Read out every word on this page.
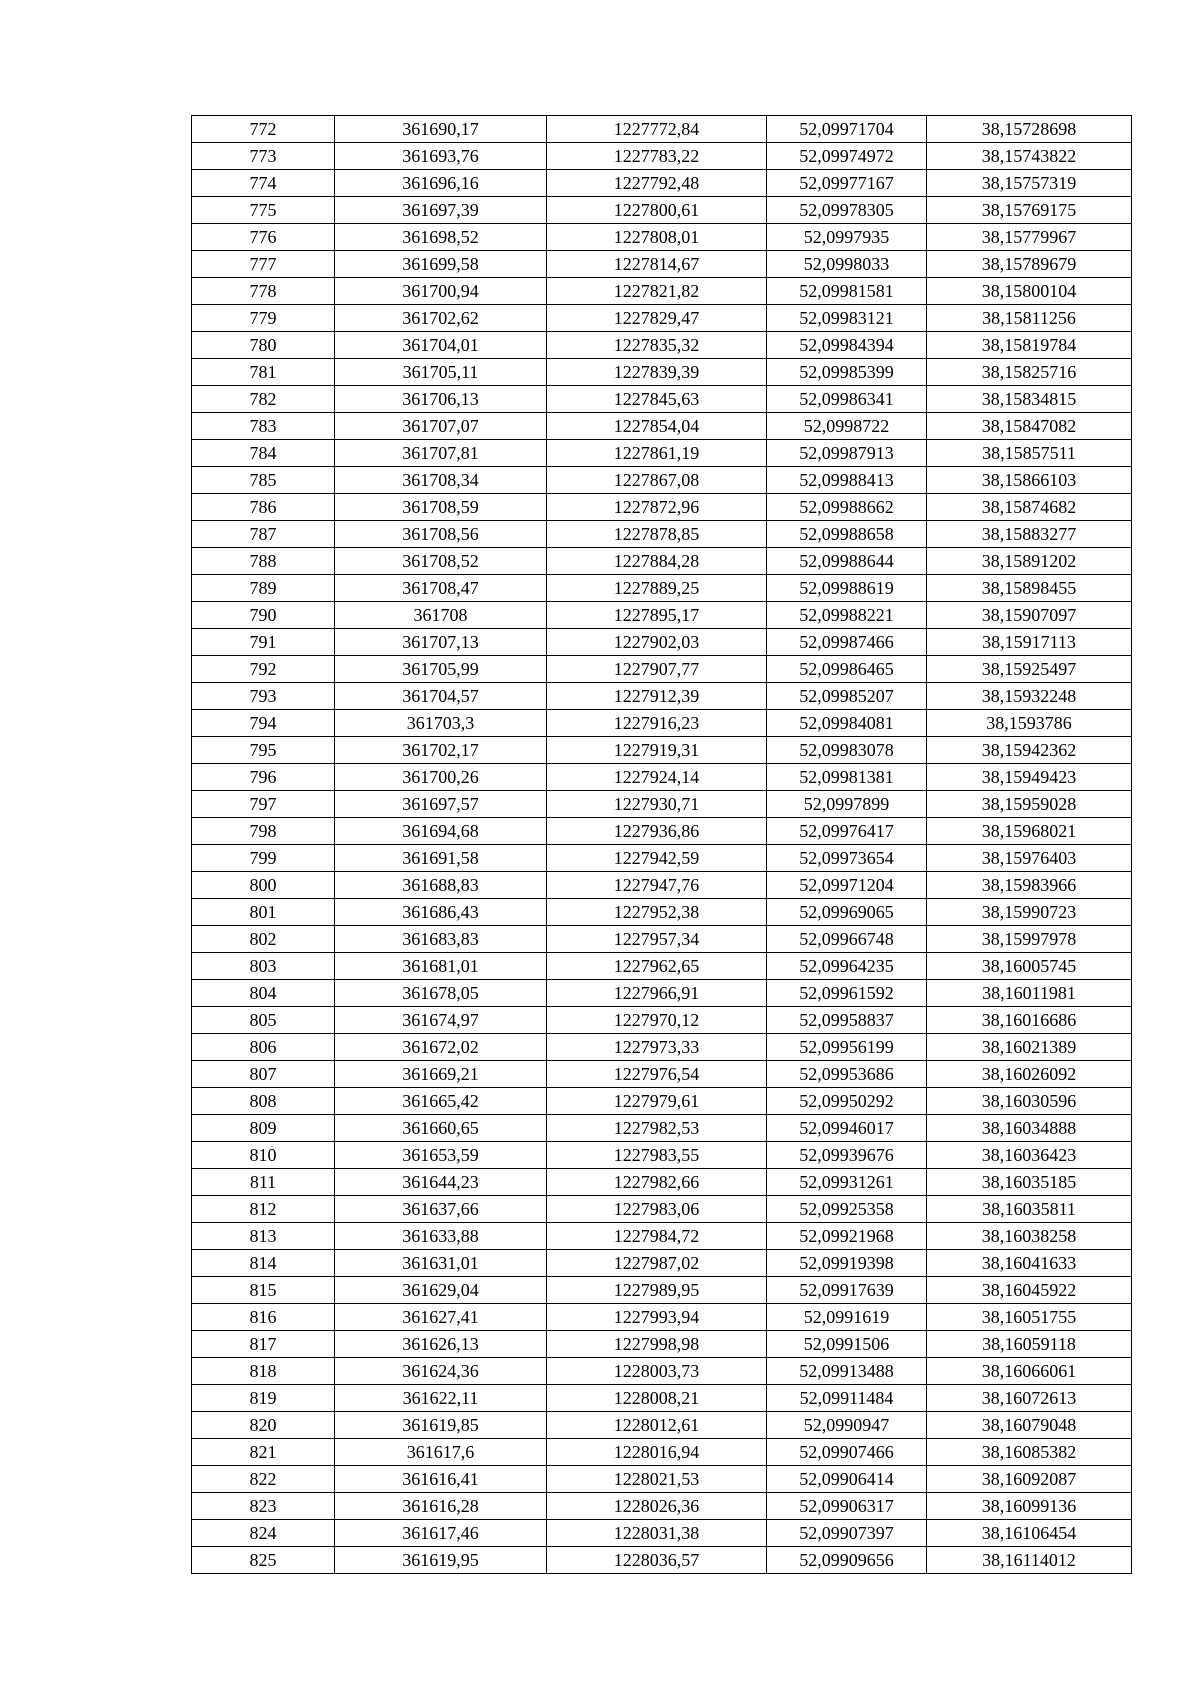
772	361690,17	1227772,84	52,09971704	38,15728698
773	361693,76	1227783,22	52,09974972	38,15743822
774	361696,16	1227792,48	52,09977167	38,15757319
775	361697,39	1227800,61	52,09978305	38,15769175
776	361698,52	1227808,01	52,0997935	38,15779967
777	361699,58	1227814,67	52,0998033	38,15789679
778	361700,94	1227821,82	52,09981581	38,15800104
779	361702,62	1227829,47	52,09983121	38,15811256
780	361704,01	1227835,32	52,09984394	38,15819784
781	361705,11	1227839,39	52,09985399	38,15825716
782	361706,13	1227845,63	52,09986341	38,15834815
783	361707,07	1227854,04	52,0998722	38,15847082
784	361707,81	1227861,19	52,09987913	38,15857511
785	361708,34	1227867,08	52,09988413	38,15866103
786	361708,59	1227872,96	52,09988662	38,15874682
787	361708,56	1227878,85	52,09988658	38,15883277
788	361708,52	1227884,28	52,09988644	38,15891202
789	361708,47	1227889,25	52,09988619	38,15898455
790	361708	1227895,17	52,09988221	38,15907097
791	361707,13	1227902,03	52,09987466	38,15917113
792	361705,99	1227907,77	52,09986465	38,15925497
793	361704,57	1227912,39	52,09985207	38,15932248
794	361703,3	1227916,23	52,09984081	38,1593786
795	361702,17	1227919,31	52,09983078	38,15942362
796	361700,26	1227924,14	52,09981381	38,15949423
797	361697,57	1227930,71	52,0997899	38,15959028
798	361694,68	1227936,86	52,09976417	38,15968021
799	361691,58	1227942,59	52,09973654	38,15976403
800	361688,83	1227947,76	52,09971204	38,15983966
801	361686,43	1227952,38	52,09969065	38,15990723
802	361683,83	1227957,34	52,09966748	38,15997978
803	361681,01	1227962,65	52,09964235	38,16005745
804	361678,05	1227966,91	52,09961592	38,16011981
805	361674,97	1227970,12	52,09958837	38,16016686
806	361672,02	1227973,33	52,09956199	38,16021389
807	361669,21	1227976,54	52,09953686	38,16026092
808	361665,42	1227979,61	52,09950292	38,16030596
809	361660,65	1227982,53	52,09946017	38,16034888
810	361653,59	1227983,55	52,09939676	38,16036423
811	361644,23	1227982,66	52,09931261	38,16035185
812	361637,66	1227983,06	52,09925358	38,16035811
813	361633,88	1227984,72	52,09921968	38,16038258
814	361631,01	1227987,02	52,09919398	38,16041633
815	361629,04	1227989,95	52,09917639	38,16045922
816	361627,41	1227993,94	52,0991619	38,16051755
817	361626,13	1227998,98	52,0991506	38,16059118
818	361624,36	1228003,73	52,09913488	38,16066061
819	361622,11	1228008,21	52,09911484	38,16072613
820	361619,85	1228012,61	52,0990947	38,16079048
821	361617,6	1228016,94	52,09907466	38,16085382
822	361616,41	1228021,53	52,09906414	38,16092087
823	361616,28	1228026,36	52,09906317	38,16099136
824	361617,46	1228031,38	52,09907397	38,16106454
825	361619,95	1228036,57	52,09909656	38,16114012
